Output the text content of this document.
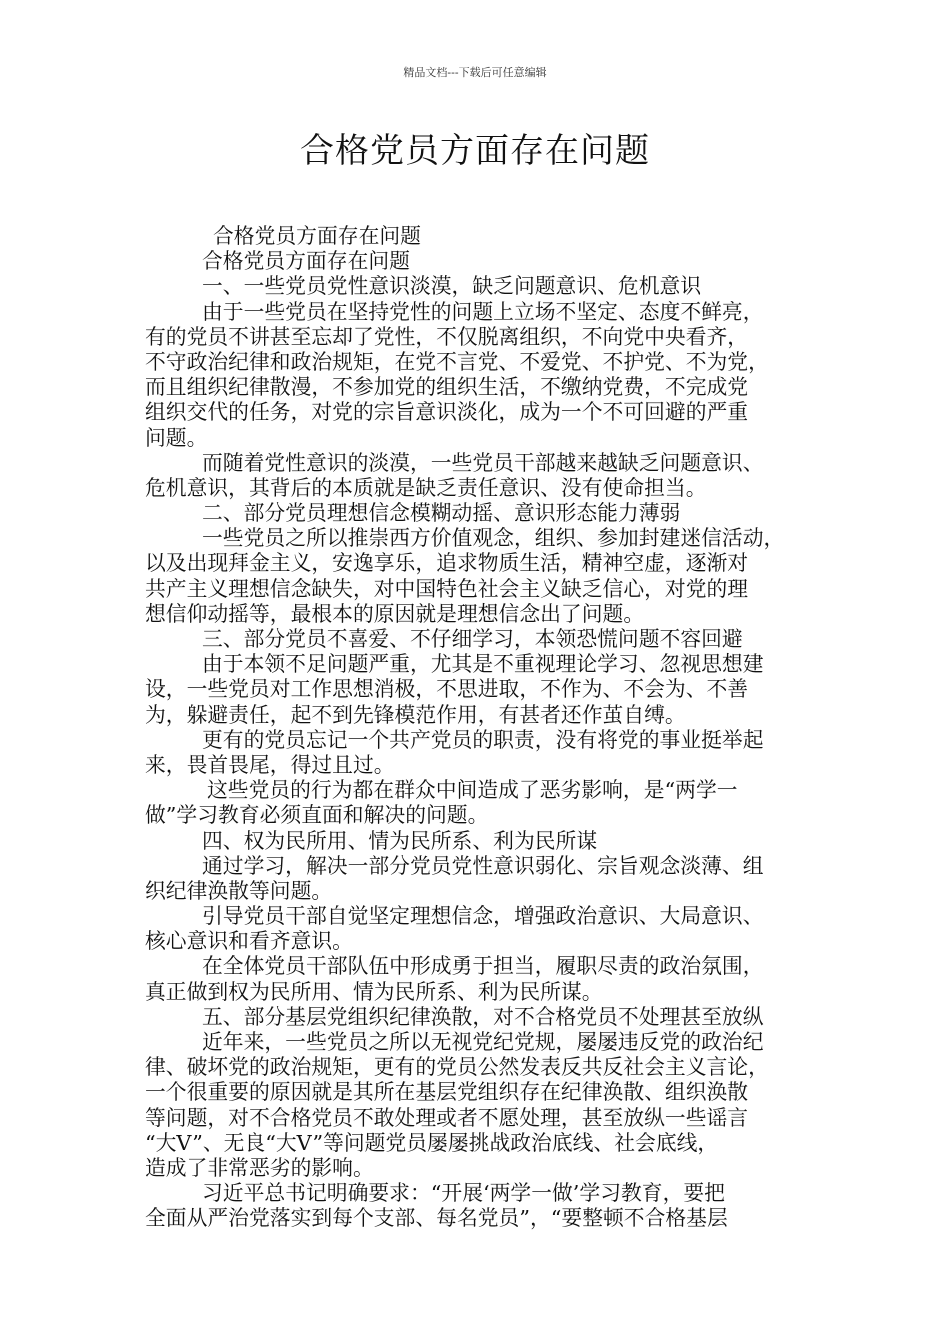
精品文档---下载后可任意编辑
合格党员方面存在问题
合格党员方面存在问题
合格党员方面存在问题
一、一些党员党性意识淡漠，缺乏问题意识、危机意识
由于一些党员在坚持党性的问题上立场不坚定、态度不鲜亮，
有的党员不讲甚至忘却了党性，不仅脱离组织，不向党中央看齐，
不守政治纪律和政治规矩，在党不言党、不爱党、不护党、不为党，
而且组织纪律散漫，不参加党的组织生活，不缴纳党费，不完成党
组织交代的任务，对党的宗旨意识淡化，成为一个不可回避的严重
问题。
而随着党性意识的淡漠，一些党员干部越来越缺乏问题意识、
危机意识，其背后的本质就是缺乏责任意识、没有使命担当。
二、部分党员理想信念模糊动摇、意识形态能力薄弱
一些党员之所以推崇西方价值观念，组织、参加封建迷信活动，
以及出现拜金主义，安逸享乐，追求物质生活，精神空虚，逐渐对
共产主义理想信念缺失，对中国特色社会主义缺乏信心，对党的理
想信仰动摇等，最根本的原因就是理想信念出了问题。
三、部分党员不喜爱、不仔细学习，本领恐慌问题不容回避
由于本领不足问题严重，尤其是不重视理论学习、忽视思想建
设，一些党员对工作思想消极，不思进取，不作为、不会为、不善
为，躲避责任，起不到先锋模范作用，有甚者还作茧自缚。
更有的党员忘记一个共产党员的职责，没有将党的事业挺举起
来，畏首畏尾，得过且过。
这些党员的行为都在群众中间造成了恶劣影响，是“两学一
做”学习教育必须直面和解决的问题。
四、权为民所用、情为民所系、利为民所谋
通过学习，解决一部分党员党性意识弱化、宗旨观念淡薄、组
织纪律涣散等问题。
引导党员干部自觉坚定理想信念，增强政治意识、大局意识、
核心意识和看齐意识。
在全体党员干部队伍中形成勇于担当，履职尽责的政治氛围，
真正做到权为民所用、情为民所系、利为民所谋。
五、部分基层党组织纪律涣散，对不合格党员不处理甚至放纵
近年来，一些党员之所以无视党纪党规，屡屡违反党的政治纪
律、破坏党的政治规矩，更有的党员公然发表反共反社会主义言论，
一个很重要的原因就是其所在基层党组织存在纪律涣散、组织涣散
等问题，对不合格党员不敢处理或者不愿处理，甚至放纵一些谣言
“大V”、无良“大V”等问题党员屡屡挑战政治底线、社会底线，
造成了非常恶劣的影响。
习近平总书记明确要求：“开展‘两学一做’学习教育，要把
全面从严治党落实到每个支部、每名党员”，“要整顿不合格基层
